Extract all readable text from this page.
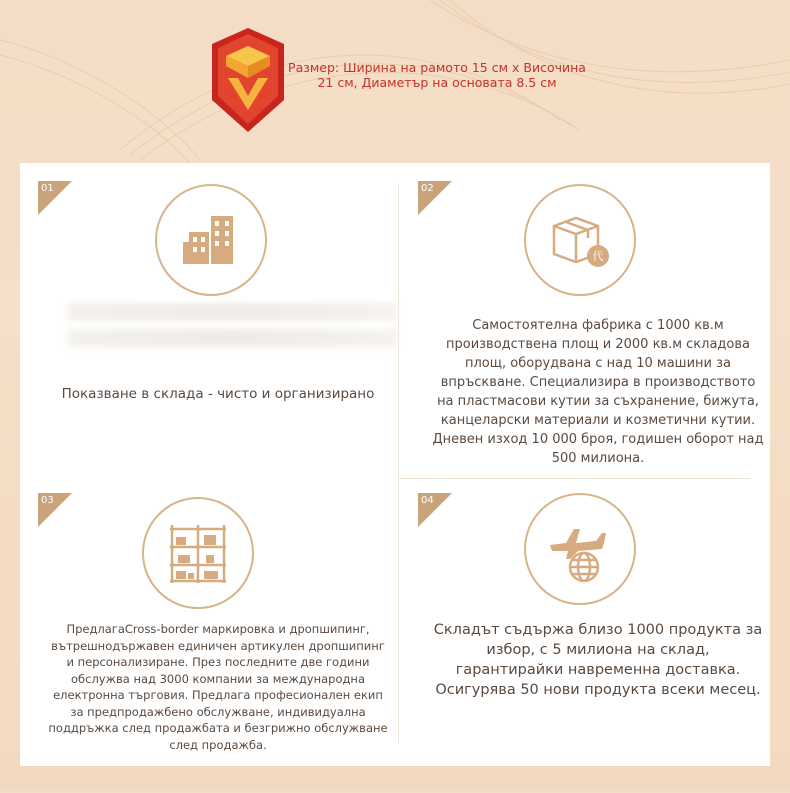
Размер: Ширина на рамото 15 см x Височина
21 см, Диаметър на основата 8.5 см
01
Показване в склада - чисто и организирано
02
代
Самостоятелна фабрика с 1000 кв.м
производствена площ и 2000 кв.м складова
площ, оборудвана с над 10 машини за
впръскване. Специализира в производството
на пластмасови кутии за съхранение, бижута,
канцеларски материали и козметични кутии.
Дневен изход 10 000 броя, годишен оборот над
500 милиона.
03
ПредлагаCross-border маркировка и дропшипинг,
вътрешнодържавен единичен артикулен дропшипинг
и персонализиране. През последните две години
обслужва над 3000 компании за международна
електронна търговия. Предлага професионален екип
за предпродажбено обслужване, индивидуална
поддръжка след продажбата и безгрижно обслужване
след продажба.
04
Складът съдържа близо 1000 продукта за
избор, с 5 милиона на склад,
гарантирайки навременна доставка.
Осигурява 50 нови продукта всеки месец.
